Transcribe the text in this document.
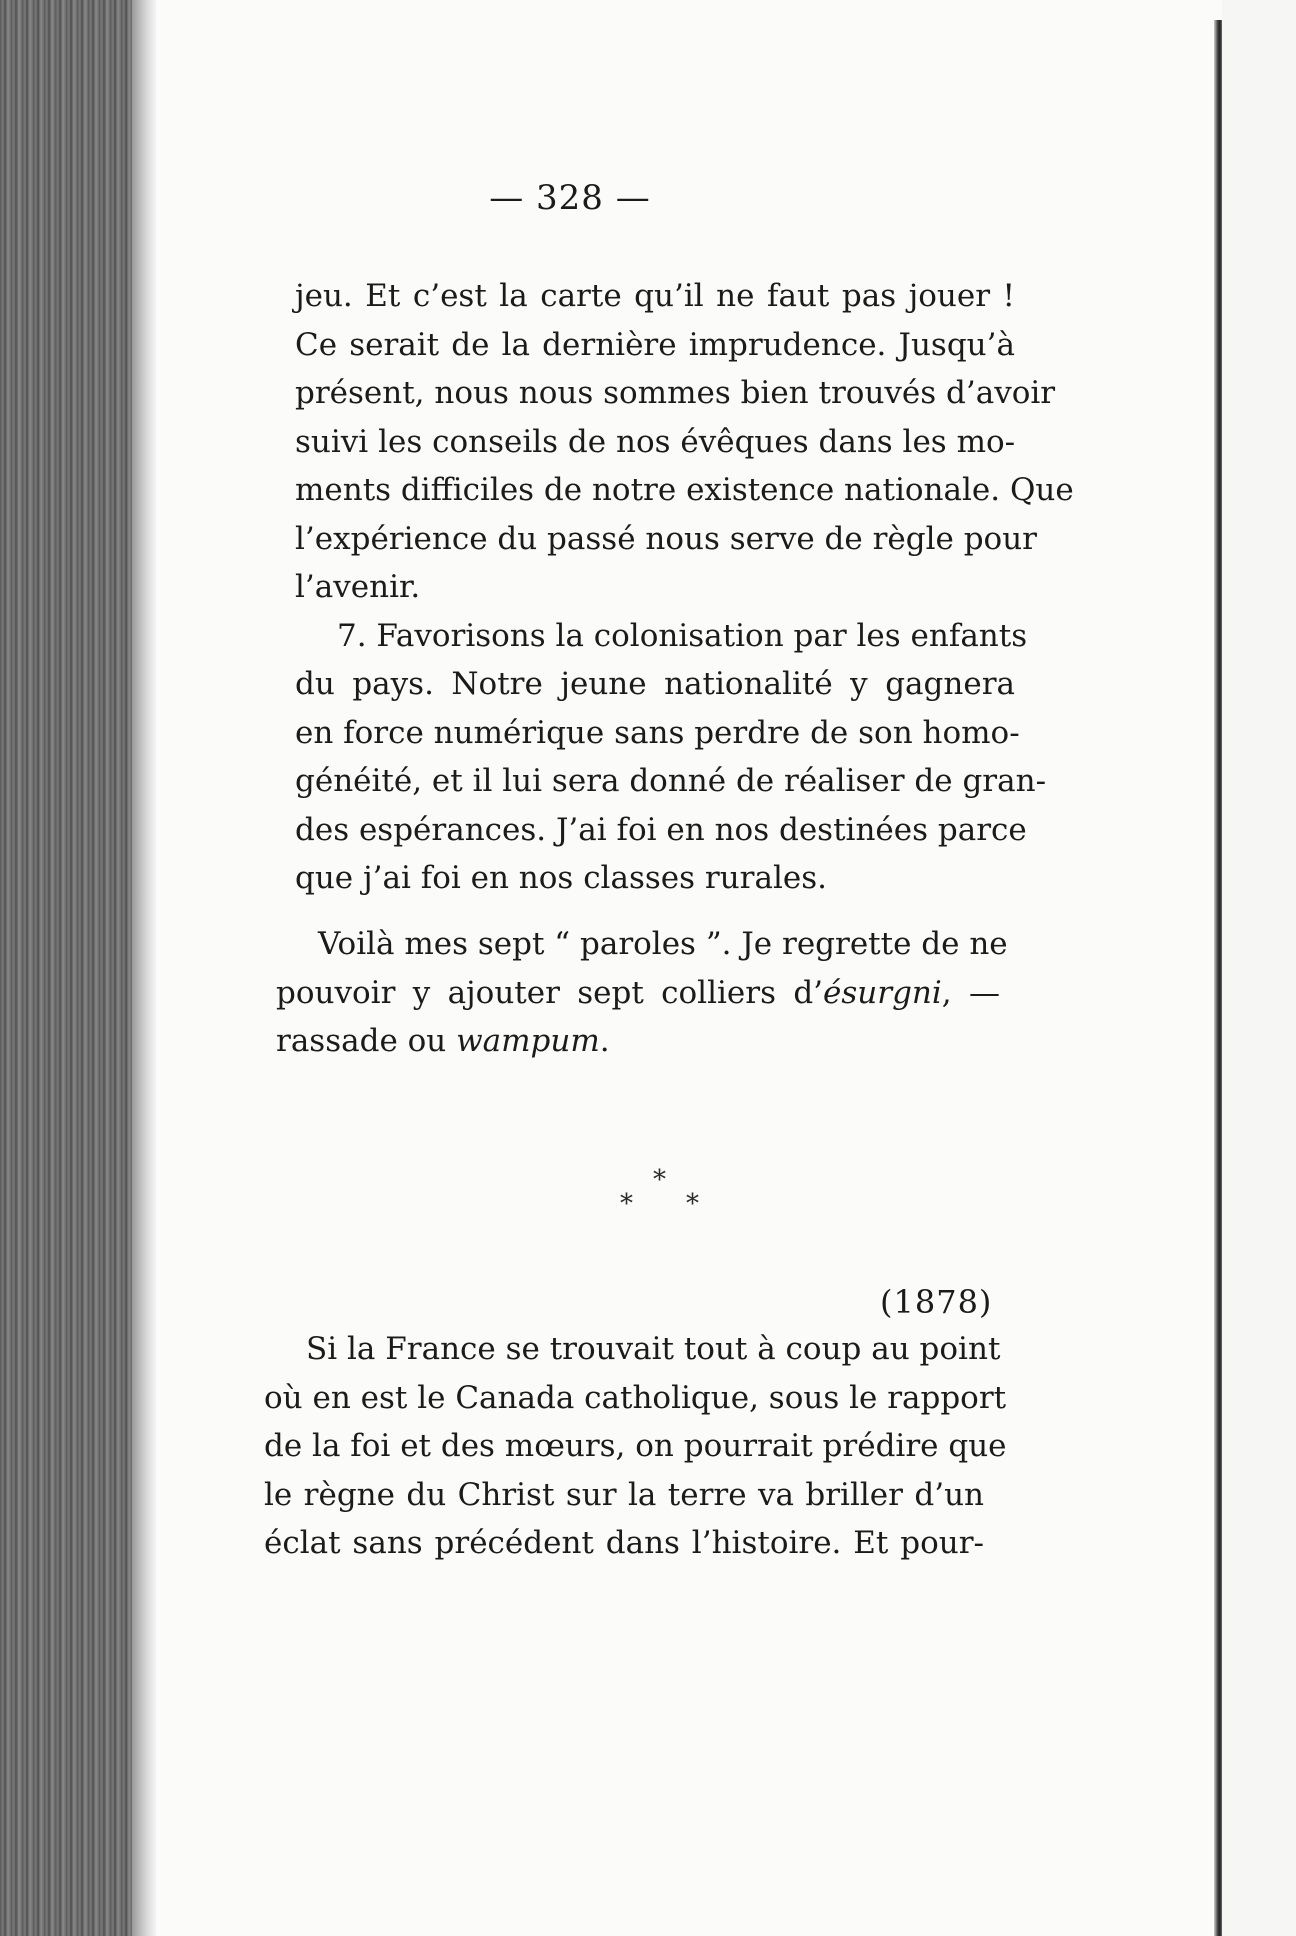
— 328 —
jeu. Et c’est la carte qu’il ne faut pas jouer !
Ce serait de la dernière imprudence. Jusqu’à
présent, nous nous sommes bien trouvés d’avoir
suivi les conseils de nos évêques dans les mo-
ments difficiles de notre existence nationale. Que
l’expérience du passé nous serve de règle pour
l’avenir.
7. Favorisons la colonisation par les enfants
du pays. Notre jeune nationalité y gagnera
en force numérique sans perdre de son homo-
généité, et il lui sera donné de réaliser de gran-
des espérances. J’ai foi en nos destinées parce
que j’ai foi en nos classes rurales.
Voilà mes sept “ paroles ”. Je regrette de ne
pouvoir y ajouter sept colliers d’ésurgni, —
rassade ou wampum.
*
* *
(1878)
Si la France se trouvait tout à coup au point
où en est le Canada catholique, sous le rapport
de la foi et des mœurs, on pourrait prédire que
le règne du Christ sur la terre va briller d’un
éclat sans précédent dans l’histoire. Et pour-
